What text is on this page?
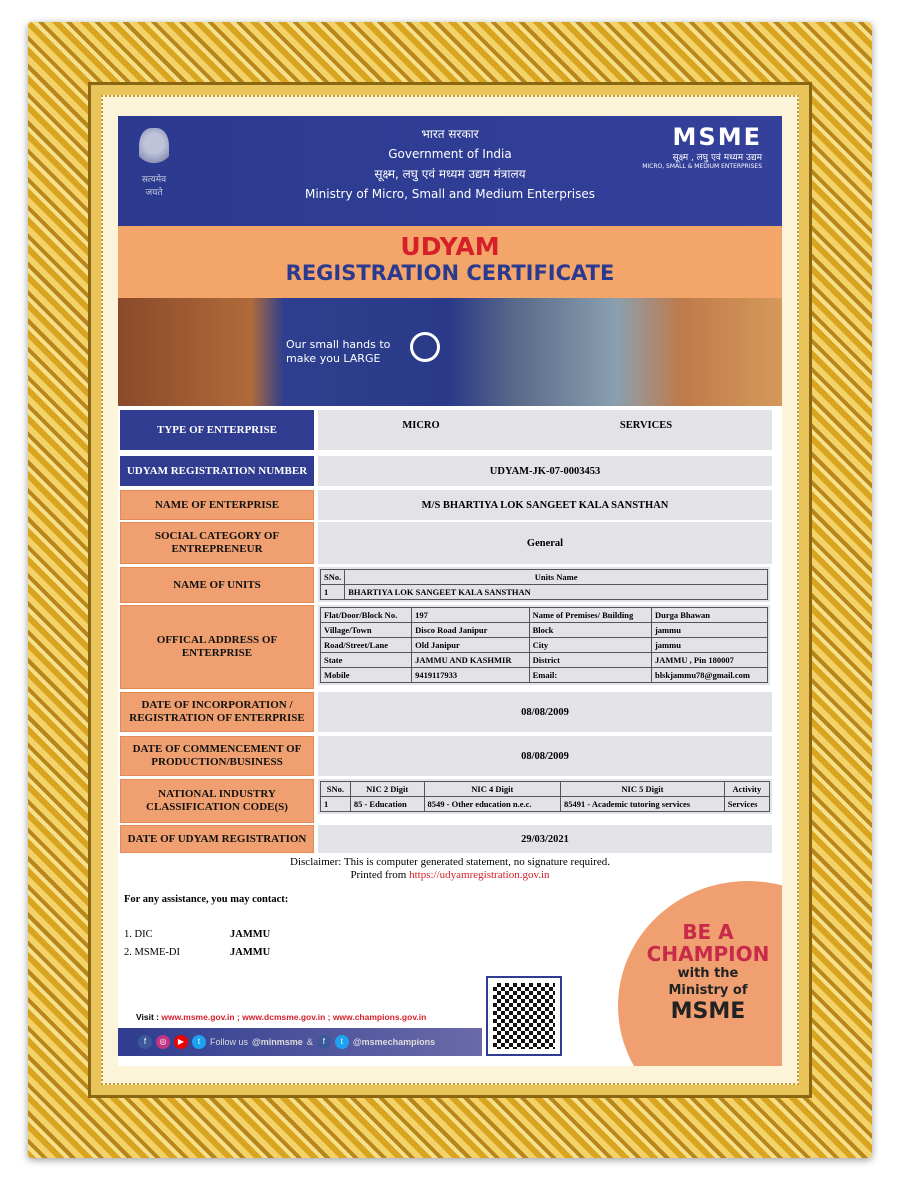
सत्यमेव जयते
भारत सरकार
Government of India
सूक्ष्म, लघु एवं मध्यम उद्यम मंत्रालय
Ministry of Micro, Small and Medium Enterprises
MSME
सूक्ष्म , लघु एवं मध्यम उद्यम
MICRO, SMALL & MEDIUM ENTERPRISES
UDYAM
REGISTRATION CERTIFICATE
Our small hands to
make you LARGE
TYPE OF ENTERPRISE	MICRO	SERVICES
UDYAM REGISTRATION NUMBER	UDYAM-JK-07-0003453
NAME OF ENTERPRISE	M/S BHARTIYA LOK SANGEET KALA SANSTHAN
SOCIAL CATEGORY OF ENTREPRENEUR	General
NAME OF UNITS
SNo.	Units Name
1	BHARTIYA LOK SANGEET KALA SANSTHAN
OFFICAL ADDRESS OF ENTERPRISE
Flat/Door/Block No.	197	Name of Premises/ Building	Durga Bhawan
Village/Town	Disco Road Janipur	Block	jammu
Road/Street/Lane	Old Janipur	City	jammu
State	JAMMU AND KASHMIR	District	JAMMU , Pin 180007
Mobile	9419117933	Email:	blskjammu78@gmail.com
DATE OF INCORPORATION / REGISTRATION OF ENTERPRISE	08/08/2009
DATE OF COMMENCEMENT OF PRODUCTION/BUSINESS	08/08/2009
NATIONAL INDUSTRY CLASSIFICATION CODE(S)
SNo.	NIC 2 Digit	NIC 4 Digit	NIC 5 Digit	Activity
1	85 - Education	8549 - Other education n.e.c.	85491 - Academic tutoring services	Services
DATE OF UDYAM REGISTRATION	29/03/2021
Disclaimer: This is computer generated statement, no signature required.
Printed from https://udyamregistration.gov.in
For any assistance, you may contact:
1. DIC	JAMMU
2. MSME-DI	JAMMU
BE A
CHAMPION
with the
Ministry of
MSME
Visit : www.msme.gov.in ; www.dcmsme.gov.in ; www.champions.gov.in
f	◎	▶	t	Follow us @minmsme &	f	t	@msmechampions
